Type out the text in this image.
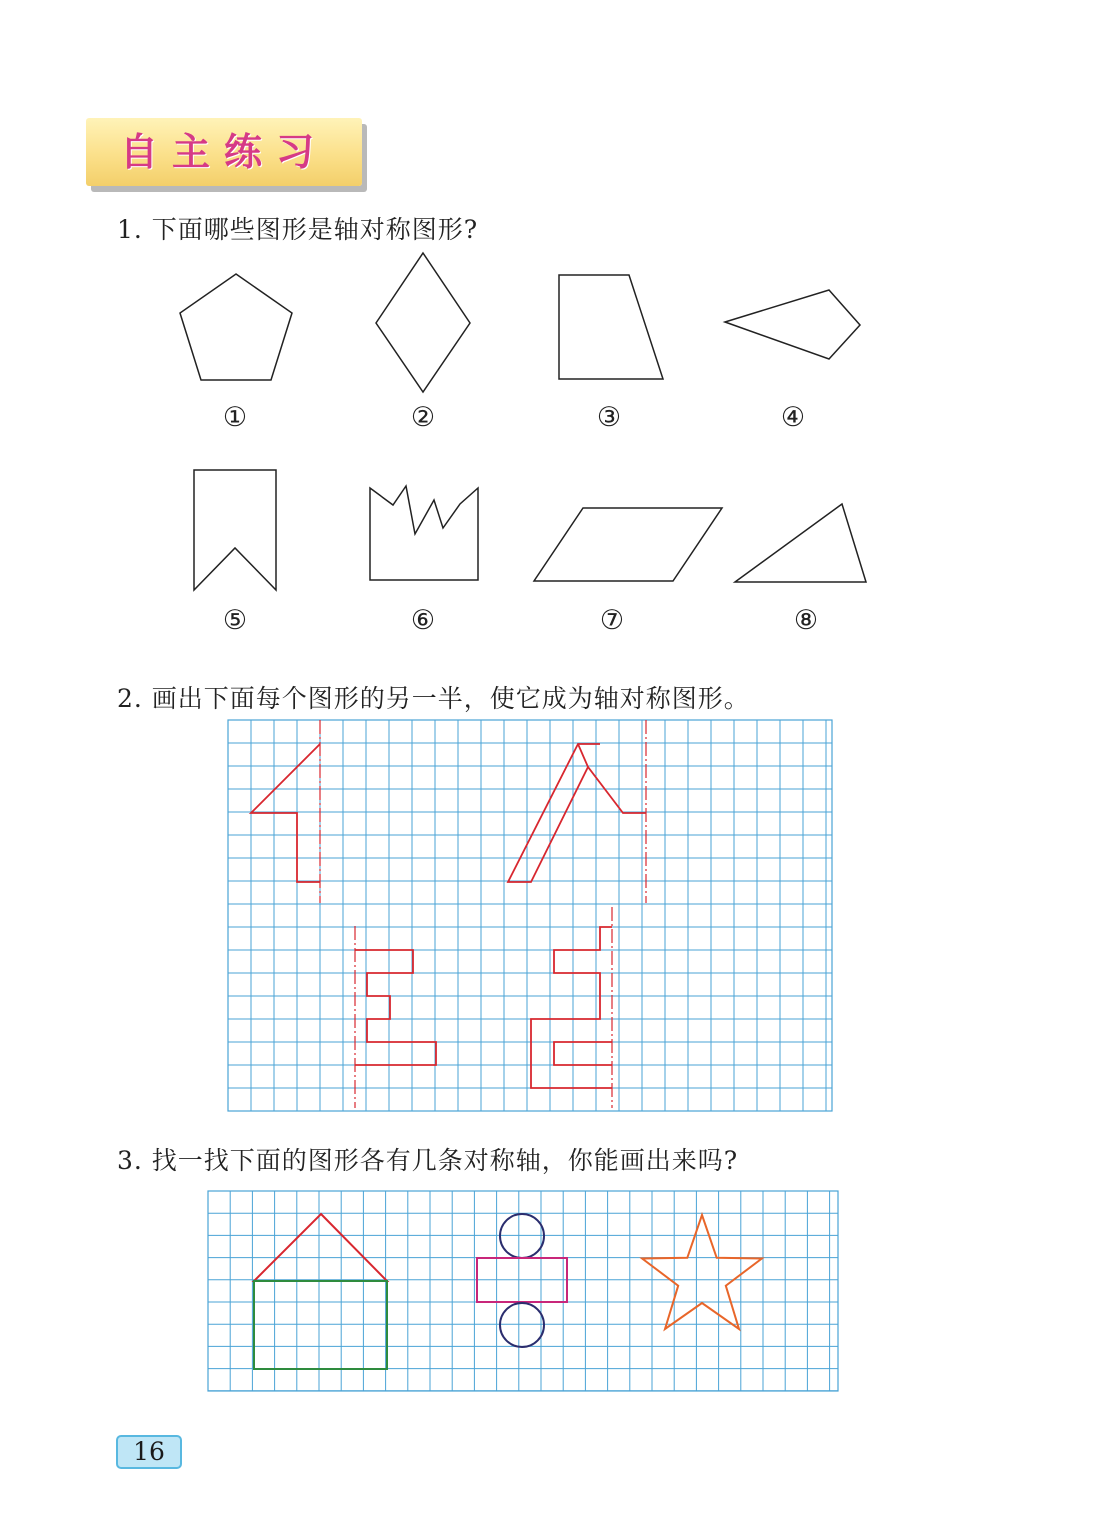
自主练习
1. 下面哪些图形是轴对称图形?
①	②	③	④
⑤	⑥	⑦	⑧
2. 画出下面每个图形的另一半，使它成为轴对称图形。
3. 找一找下面的图形各有几条对称轴，你能画出来吗?
16
